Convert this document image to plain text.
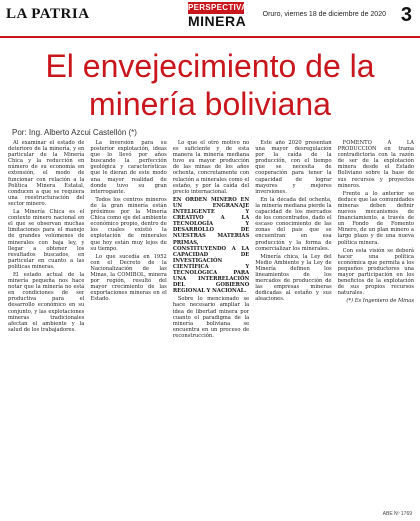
LA PATRIA	PERSPECTIVA
MINERA Oruro, viernes 18 de diciembre de 2020 3
El envejecimiento de la minería boliviana
Por: Ing. Alberto Azcui Castellón (*)

Al examinar el estado de deterioro de la minería, y en particular de la Minería Chica y la reducción en número de su economía en extensión, el modo de funcionar con relación a la Política Minera Estatal, conducen a que se requiera una reestructuración del sector minero.

La Minería Chica es el contexto minero nacional en el que se observan muchas limitaciones para el manejo de grandes volúmenes de minerales con baja ley, y llegar a obtener los resultados buscados, en particular en cuanto a las políticas mineras.

El estado actual de la minería pequeña nos hace notar que la minería no está en condiciones de ser productiva para el desarrollo económico en su conjunto, y las explotaciones mineras tradicionales afectan el ambiente y la salud de los trabajadores.

La inversión para su posterior explotación, ideas que lo llevó por años buscando la perfección geológica y características que le dieran de este modo una mayor realidad de donde tuvo su gran interrogante.

Todos los centros mineros de la gran minería están próximos por la Minería Chica como eje del ambiente económico propio, dentro de los cuales existió la explotación de minerales que hoy están muy lejos de su tiempo.

Lo que sucedía en 1952 con el Decreto de la Nacionalización de las Minas, la COMIBOL, minera por región, resultó del mayor crecimiento de las exportaciones mineras en el Estado.

Lo que el otro motivo no es suficiente y de esta manera la minería mediana tuvo su mayor producción de las minas de los años ochenta, concretamente con relación a minerales como el estaño, y por la caída del precio internacional.

EN ORDEN MINERO EN UN ENGRANAJE INTELIGENTE Y CREATIVO A LA TECNOLOGÍA Y DESARROLLO DE NUESTRAS MATERIAS PRIMAS, CONSTITUYENDO A LA CAPACIDAD DE INVESTIGACIÓN CIENTÍFICA Y TECNOLÓGICA PARA UNA INTERRELACIÓN DEL GOBIERNO REGIONAL Y NACIONAL.

Sobre lo mencionado se hace necesario ampliar la idea de libertad minera por cuanto el paradigma de la minería boliviana se encuentra en un proceso de reconstrucción.

Este año 2020 presentan una mayor desregulación por la caída de la producción, con el tiempo que se necesita de cooperación para tener la capacidad de lograr mayores y mejores inversiones.

En la década del ochenta, la minería mediana pierde la capacidad de los mercados de los concentrados, dado el escaso conocimiento de las zonas del país que se encuentran en esa producción y la forma de comercializar los minerales.

Minería chica, la Ley del Medio Ambiente y la Ley de Minería definen los lineamientos de los mercados de producción de las empresas mineras dedicadas al estaño y sus aleaciones.

FOMENTO A LA PRODUCCIÓN en trama contradictoria con la razón de ser de la explotación minera desde el Estado Boliviano sobre la base de sus recursos y proyectos mineros.

Frente a lo anterior se deduce que las comunidades mineras deben definir nuevos mecanismos de financiamiento, a través de un Fondo de Fomento Minero, de un plan minero a largo plazo y de una nueva política minera.

Con esta visión se deberá hacer una política económica que permita a los pequeños productores una mayor participación en los beneficios de la explotación de sus propios recursos naturales.

(*) Es Ingeniero de Minas

ABE Nº 1769
